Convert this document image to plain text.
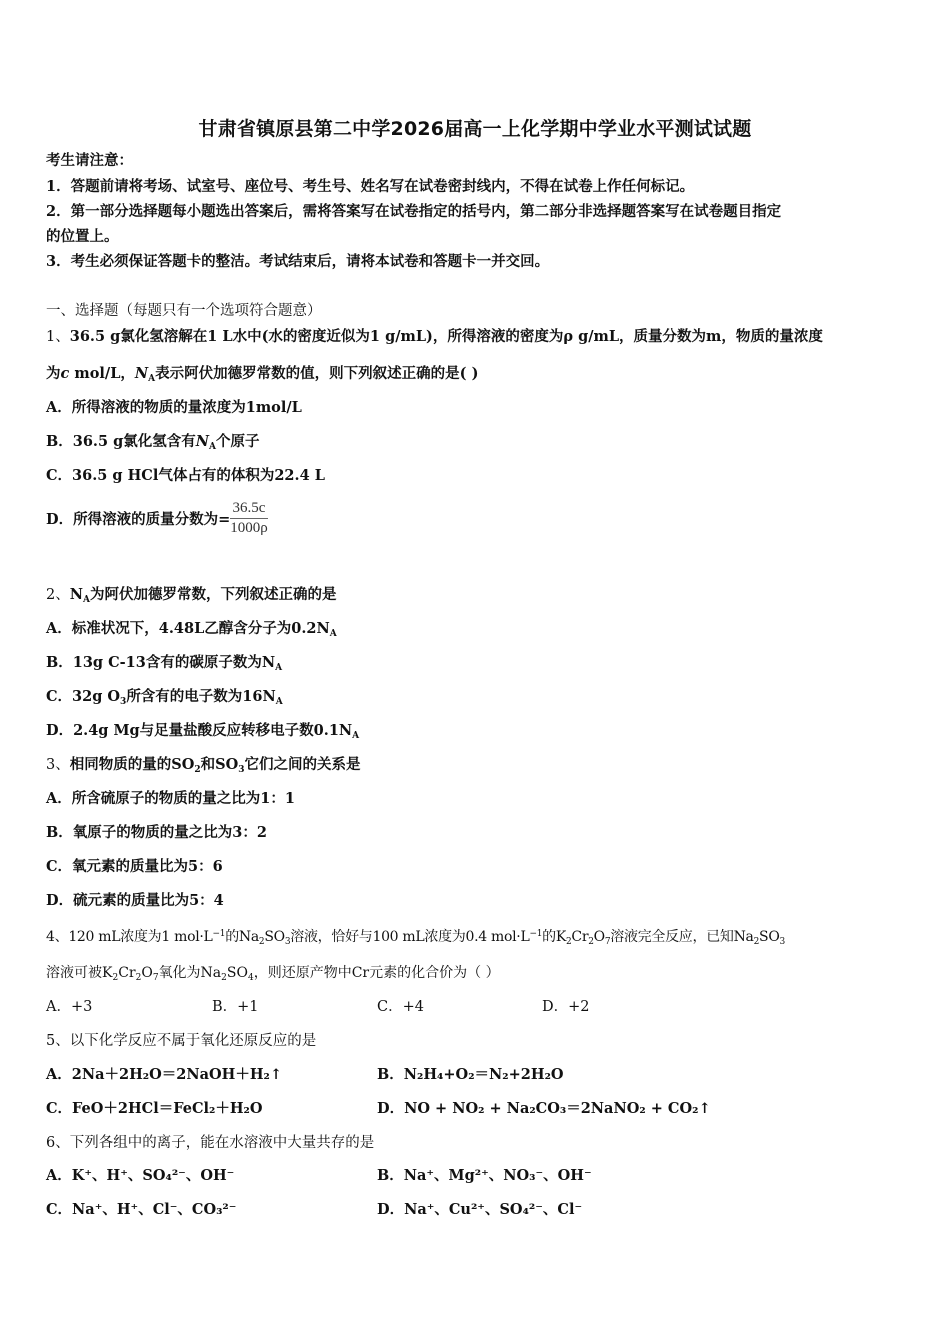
甘肃省镇原县第二中学2026届高一上化学期中学业水平测试试题
考生请注意：
1．答题前请将考场、试室号、座位号、考生号、姓名写在试卷密封线内，不得在试卷上作任何标记。
2．第一部分选择题每小题选出答案后，需将答案写在试卷指定的括号内，第二部分非选择题答案写在试卷题目指定
的位置上。
3．考生必须保证答题卡的整洁。考试结束后，请将本试卷和答题卡一并交回。
一、选择题（每题只有一个选项符合题意）
1、36.5 g氯化氢溶解在1 L水中(水的密度近似为1 g/mL)，所得溶液的密度为ρ g/mL，质量分数为m，物质的量浓度
为c mol/L，$N_A$表示阿伏加德罗常数的值，则下列叙述正确的是( )
A．所得溶液的物质的量浓度为1mol/L
B．36.5 g氯化氢含有$N_A$个原子
C．36.5 g HCl气体占有的体积为22.4 L
D．所得溶液的质量分数为= $\frac{36.5c}{1000\rho}$
2、$N_A$为阿伏加德罗常数，下列叙述正确的是
A．标准状况下，4.48L乙醇含分子为$0.2N_A$
B．13g C-13含有的碳原子数为$N_A$
C．32g $O_3$所含有的电子数为$16N_A$
D．2.4g Mg与足量盐酸反应转移电子数$0.1N_A$
3、相同物质的量的$SO_2$和$SO_3$它们之间的关系是
A．所含硫原子的物质的量之比为1：1
B．氧原子的物质的量之比为3：2
C．氧元素的质量比为5：6
D．硫元素的质量比为5：4
4、120 mL浓度为1 $mol\cdot L^{-1}$的$Na_2SO_3$溶液，恰好与100 mL浓度为0.4 $mol\cdot L^{-1}$的$K_2Cr_2O_7$溶液完全反应，已知$Na_2SO_3$
溶液可被$K_2Cr_2O_7$氧化为$Na_2SO_4$，则还原产物中Cr元素的化合价为（ ）
A．+3	B．+1	C．+4	D．+2
5、以下化学反应不属于氧化还原反应的是
A．2Na＋2H₂O＝2NaOH＋H₂↑	B．N₂H₄+O₂＝N₂+2H₂O
C．FeO＋2HCl＝FeCl₂＋H₂O	D．NO + NO₂ + Na₂CO₃＝2NaNO₂ + CO₂↑
6、下列各组中的离子，能在水溶液中大量共存的是
A．K⁺、H⁺、SO₄²⁻、OH⁻	B．Na⁺、Mg²⁺、NO₃⁻、OH⁻
C．Na⁺、H⁺、Cl⁻、CO₃²⁻	D．Na⁺、Cu²⁺、SO₄²⁻、Cl⁻
